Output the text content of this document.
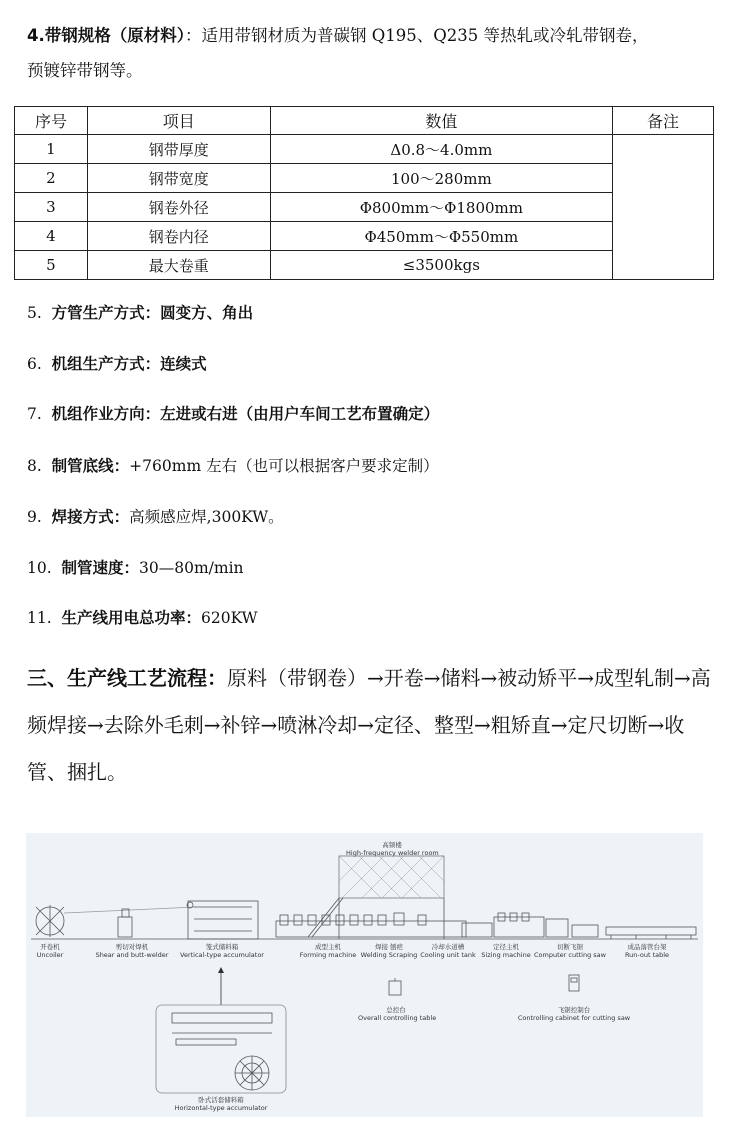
4.带钢规格（原材料）：适用带钢材质为普碳钢 Q195、Q235 等热轧或冷轧带钢卷，
预镀锌带钢等。
序号	项目	数值	备注
1	钢带厚度	Δ0.8～4.0mm	
2	钢带宽度	100～280mm	
3	钢卷外径	Φ800mm～Φ1800mm	
4	钢卷内径	Φ450mm～Φ550mm	
5	最大卷重	≤3500kgs	
5. 方管生产方式：圆变方、角出
6. 机组生产方式：连续式
7. 机组作业方向：左进或右进（由用户车间工艺布置确定）
8. 制管底线：+760mm 左右（也可以根据客户要求定制）
9. 焊接方式：高频感应焊,300KW。
10. 制管速度：30—80m/min
11. 生产线用电总功率：620KW
三、生产线工艺流程：原料（带钢卷）→开卷→储料→被动矫平→成型轧制→高频焊接→去除外毛刺→补锌→喷淋冷却→定径、整型→粗矫直→定尺切断→收管、捆扎。
高频楼
High-frequency welder room
开卷机
Uncoiler
剪切对焊机
Shear and butt-welder
笼式储料箱
Vertical-type accumulator
成型主机
Forming machine
焊接 刨疤
Welding Scraping
冷却水道槽
Cooling unit tank
定径主机
Sizing machine
切断飞锯
Computer cutting saw
成品落管台架
Run-out table
总控台
Overall controlling table
飞锯控制台
Controlling cabinet for cutting saw
卧式活套储料箱
Horizontal-type accumulator
